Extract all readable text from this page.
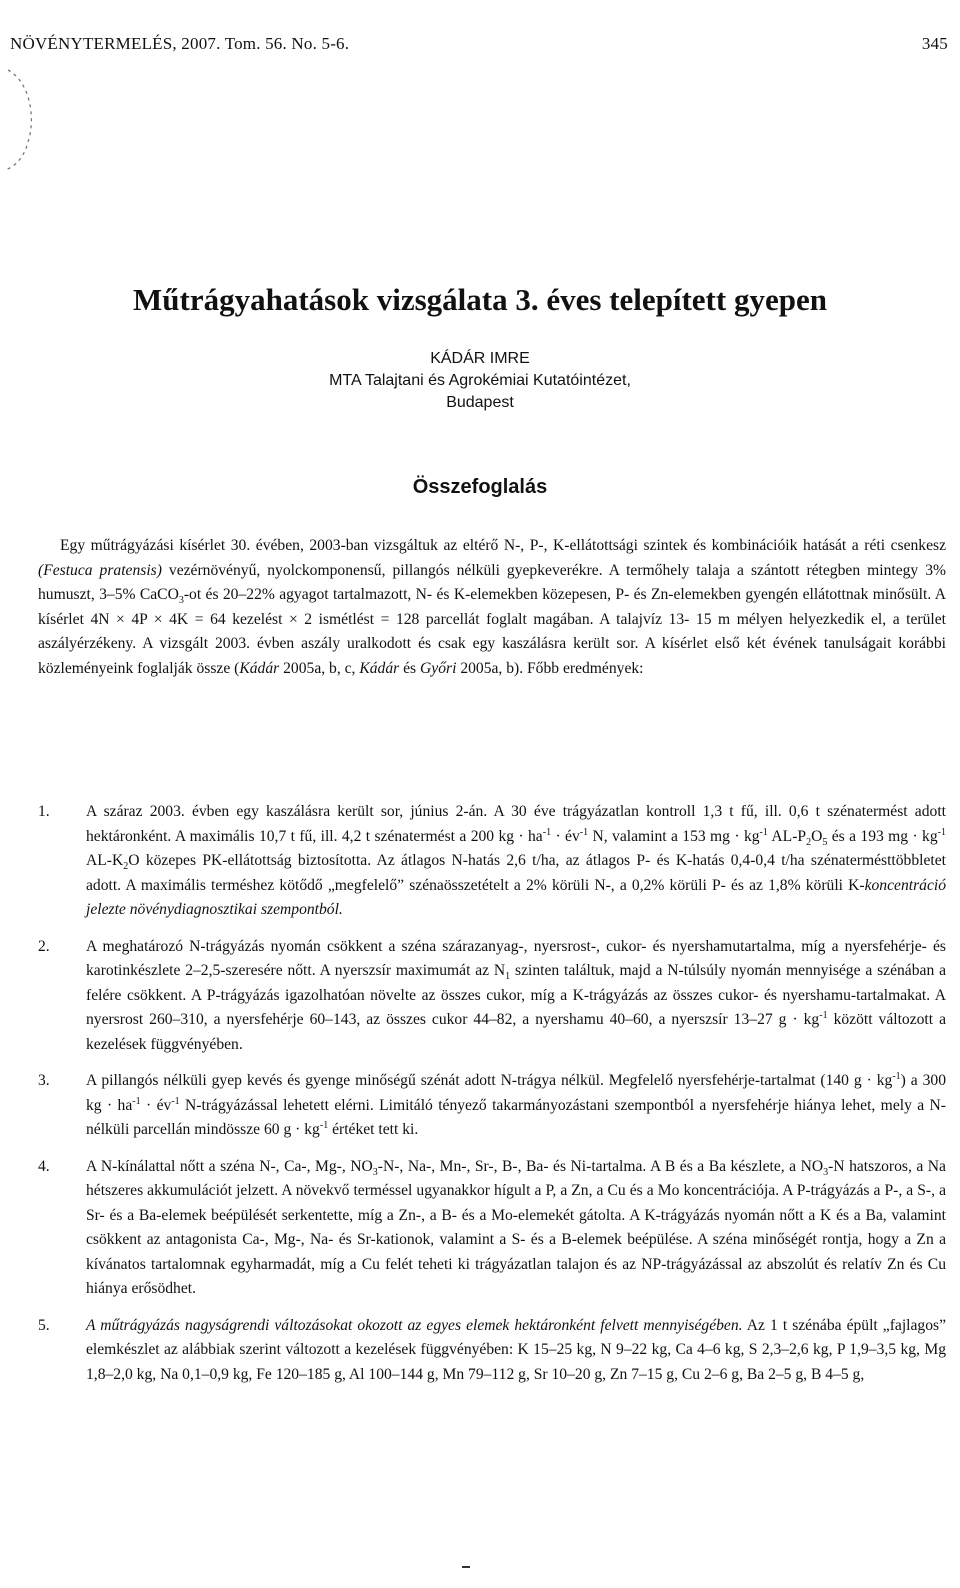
NÖVÉNYTERMELÉS, 2007. Tom. 56. No. 5-6.	345
Műtrágyahatások vizsgálata 3. éves telepített gyepen
KÁDÁR IMRE
MTA Talajtani és Agrokémiai Kutatóintézet,
Budapest
Összefoglalás

Egy műtrágyázási kísérlet 30. évében, 2003-ban vizsgáltuk az eltérő N-, P-, K-ellátottsági szintek és kombinációik hatását a réti csenkesz (Festuca pratensis) vezérnövényű, nyolckomponensű, pillangós nélküli gyepkeverékre. A termőhely talaja a szántott rétegben mintegy 3% humuszt, 3–5% CaCO$_3$-ot és 20–22% agyagot tartalmazott, N- és K-elemekben közepesen, P- és Zn-elemekben gyengén ellátottnak minősült. A kísérlet 4N × 4P × 4K = 64 kezelést × 2 ismétlést = 128 parcellát foglalt magában. A talajvíz 13- 15 m mélyen helyezkedik el, a terület aszályérzékeny. A vizsgált 2003. évben aszály uralkodott és csak egy kaszálásra került sor. A kísérlet első két évének tanulságait korábbi közleményeink foglalják össze (Kádár 2005a, b, c, Kádár és Győri 2005a, b). Főbb eredmények:

1. A száraz 2003. évben egy kaszálásra került sor, június 2-án. A 30 éve trágyázatlan kontroll 1,3 t fű, ill. 0,6 t szénatermést adott hektáronként. A maximális 10,7 t fű, ill. 4,2 t szénatermést a 200 kg · $ha^{-1}$ · $év^{-1}$ N, valamint a 153 mg · $kg^{-1}$ $AL-P_2O_5$ és a 193 mg · $kg^{-1}$ $AL-K_2O$ közepes PK-ellátottság biztosította. Az átlagos N-hatás 2,6 t/ha, az átlagos P- és K-hatás 0,4-0,4 t/ha szénatermésttöbbletet adott. A maximális terméshez kötődő „megfelelő” szénaösszetételt a 2% körüli N-, a 0,2% körüli P- és az 1,8% körüli K-koncentráció jelezte növénydiagnosztikai szempontból.
2. A meghatározó N-trágyázás nyomán csökkent a széna szárazanyag-, nyersrost-, cukor- és nyershamutartalma, míg a nyersfehérje- és karotinkészlete 2–2,5-szeresére nőtt. A nyerszsír maximumát az $N_1$ szinten találtuk, majd a N-túlsúly nyomán mennyisége a szénában a felére csökkent. A P-trágyázás igazolhatóan növelte az összes cukor, míg a K-trágyázás az összes cukor- és nyershamu-tartalmakat. A nyersrost 260–310, a nyersfehérje 60–143, az összes cukor 44–82, a nyershamu 40–60, a nyerszsír 13–27 $g \cdot kg^{-1}$ között változott a kezelések függvényében.
3. A pillangós nélküli gyep kevés és gyenge minőségű szénát adott N-trágya nélkül. Megfelelő nyersfehérje-tartalmat (140 $g \cdot kg^{-1}$) a 300 kg · $ha^{-1}$ · $év^{-1}$ N-trágyázással lehetett elérni. Limitáló tényező takarmányozástani szempontból a nyersfehérje hiánya lehet, mely a N-nélküli parcellán mindössze 60 $g \cdot kg^{-1}$ értéket tett ki.
4. A N-kínálattal nőtt a széna N-, Ca-, Mg-, $NO_3-N-$, Na-, Mn-, Sr-, B-, Ba- és Ni-tartalma. A B és a Ba készlete, a $NO_3-N$ hatszoros, a Na hétszeres akkumulációt jelzett. A növekvő terméssel ugyanakkor hígult a P, a Zn, a Cu és a Mo koncentrációja. A P-trágyázás a P-, a S-, a Sr- és a Ba-elemek beépülését serkentette, míg a Zn-, a B- és a Mo-elemekét gátolta. A K-trágyázás nyomán nőtt a K és a Ba, valamint csökkent az antagonista Ca-, Mg-, Na- és Sr-kationok, valamint a S- és a B-elemek beépülése. A széna minőségét rontja, hogy a Zn a kívánatos tartalomnak egyharmadát, míg a Cu felét teheti ki trágyázatlan talajon és az NP-trágyázással az abszolút és relatív Zn és Cu hiánya erősödhet.
5. A műtrágyázás nagyságrendi változásokat okozott az egyes elemek hektáronként felvett mennyiségében. Az 1 t szénába épült „fajlagos” elemkészlet az alábbiak szerint változott a kezelések függvényében: K 15–25 kg, N 9–22 kg, Ca 4–6 kg, S 2,3–2,6 kg, P 1,9–3,5 kg, Mg 1,8–2,0 kg, Na 0,1–0,9 kg, Fe 120–185 g, Al 100–144 g, Mn 79–112 g, Sr 10–20 g, Zn 7–15 g, Cu 2–6 g, Ba 2–5 g, B 4–5 g,
